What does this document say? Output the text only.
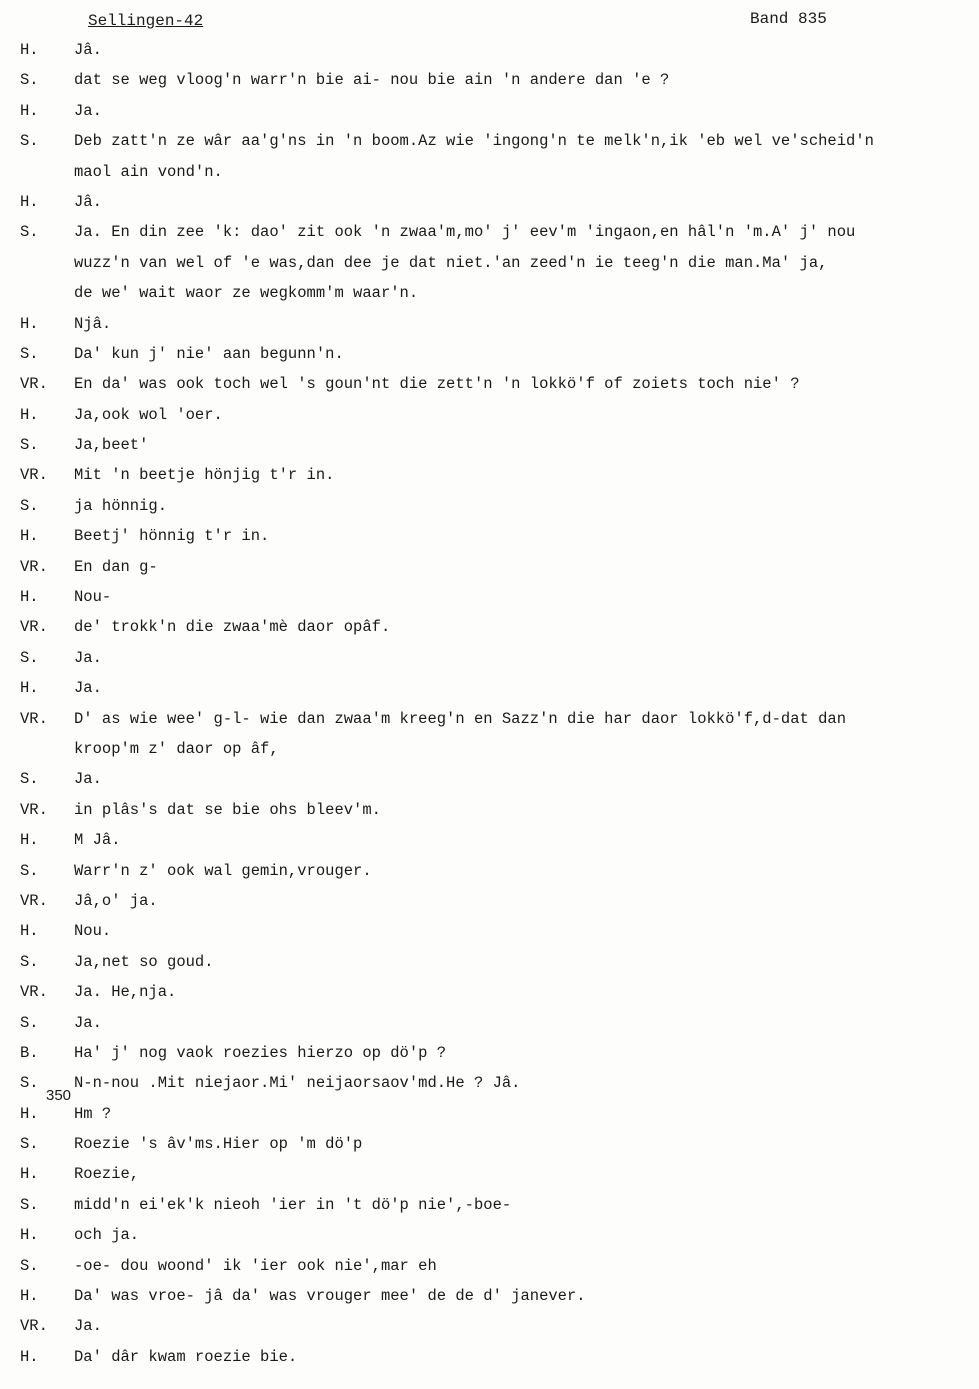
Sellingen-42	Band 835
H. Jâ.
S. dat se weg vloog'n warr'n bie ai- nou bie ain 'n andere dan 'e ?
H. Ja.
S. Deb zatt'n ze wâr aa'g'ns in 'n boom.Az wie 'ingong'n te melk'n,ik 'eb wel ve'scheid'n
maol ain vond'n.
H. Jâ.
S. Ja. En din zee 'k: dao' zit ook 'n zwaa'm,mo' j' eev'm 'ingaon,en hâl'n 'm.A' j' nou
wuzz'n van wel of 'e was,dan dee je dat niet.'an zeed'n ie teeg'n die man.Ma' ja,
de we' wait waor ze wegkomm'm waar'n.
H. Njâ.
S. Da' kun j' nie' aan begunn'n.
VR. En da' was ook toch wel 's goun'nt die zett'n 'n lokkö'f of zoiets toch nie' ?
H. Ja,ook wol 'oer.
S. Ja,beet'
VR. Mit 'n beetje hönjig t'r in.
S. ja hönnig.
H. Beetj' hönnig t'r in.
VR. En dan g-
H. Nou-
VR. de' trokk'n die zwaa'mè daor opâf.
S. Ja.
H. Ja.
VR. D' as wie wee' g-l- wie dan zwaa'm kreeg'n en Sazz'n die har daor lokkö'f,d-dat dan
kroop'm z' daor op âf,
S. Ja.
VR. in plâs's dat se bie ohs bleev'm.
H. M Jâ.
S. Warr'n z' ook wal gemin,vrouger.
VR. Jâ,o' ja.
H. Nou.
S. Ja,net so goud.
VR. Ja. He,nja.
S. Ja.
B. Ha' j' nog vaok roezies hierzo op dö'p ?
S. N-n-nou .Mit niejaor.Mi' neijaorsaov'md.He ? Jâ.
H. Hm ?
S. Roezie 's âv'ms.Hier op 'm dö'p
H. Roezie,
S. midd'n ei'ek'k nieoh 'ier in 't dö'p nie',-boe-
H. och ja.
S. -oe- dou woond' ik 'ier ook nie',mar eh
H. Da' was vroe- jâ da' was vrouger mee' de de d' janever.
VR. Ja.
H. Da' dâr kwam roezie bie.
350
